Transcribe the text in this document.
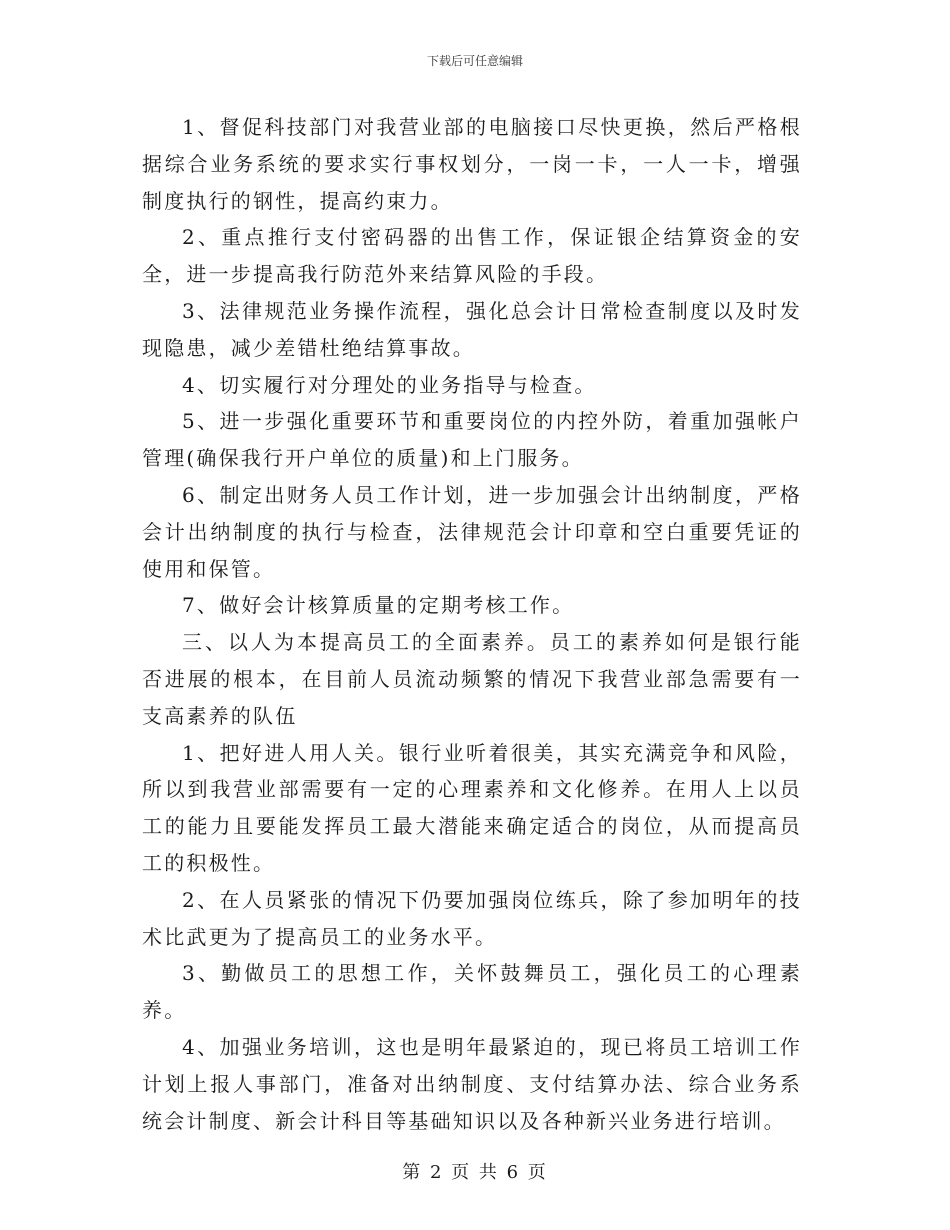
下载后可任意编辑

1、督促科技部门对我营业部的电脑接口尽快更换，然后严格根据综合业务系统的要求实行事权划分，一岗一卡，一人一卡，增强制度执行的钢性，提高约束力。

2、重点推行支付密码器的出售工作，保证银企结算资金的安全，进一步提高我行防范外来结算风险的手段。

3、法律规范业务操作流程，强化总会计日常检查制度以及时发现隐患，减少差错杜绝结算事故。

4、切实履行对分理处的业务指导与检查。

5、进一步强化重要环节和重要岗位的内控外防，着重加强帐户管理(确保我行开户单位的质量)和上门服务。

6、制定出财务人员工作计划，进一步加强会计出纳制度，严格会计出纳制度的执行与检查，法律规范会计印章和空白重要凭证的使用和保管。

7、做好会计核算质量的定期考核工作。

三、以人为本提高员工的全面素养。员工的素养如何是银行能否进展的根本，在目前人员流动频繁的情况下我营业部急需要有一支高素养的队伍

1、把好进人用人关。银行业听着很美，其实充满竞争和风险，所以到我营业部需要有一定的心理素养和文化修养。在用人上以员工的能力且要能发挥员工最大潜能来确定适合的岗位，从而提高员工的积极性。

2、在人员紧张的情况下仍要加强岗位练兵，除了参加明年的技术比武更为了提高员工的业务水平。

3、勤做员工的思想工作，关怀鼓舞员工，强化员工的心理素养。

4、加强业务培训，这也是明年最紧迫的，现已将员工培训工作计划上报人事部门，准备对出纳制度、支付结算办法、综合业务系统会计制度、新会计科目等基础知识以及各种新兴业务进行培训。

第 2 页 共 6 页
